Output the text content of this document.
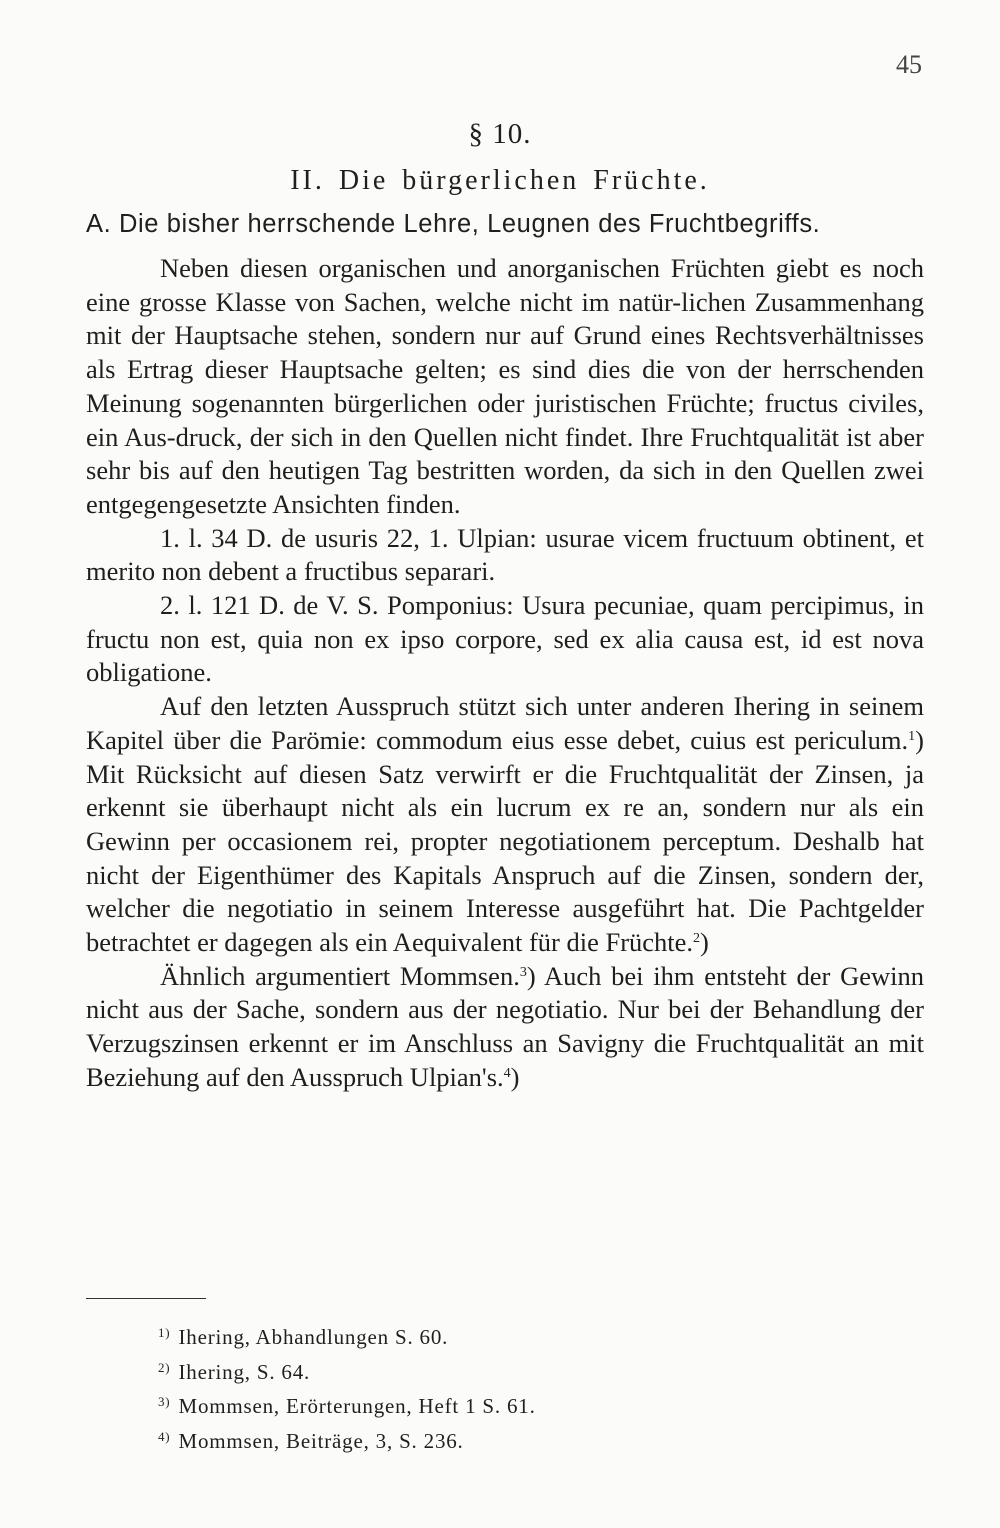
45
§ 10.
II. Die bürgerlichen Früchte.
A. Die bisher herrschende Lehre, Leugnen des Fruchtbegriffs.

Neben diesen organischen und anorganischen Früchten giebt es noch eine grosse Klasse von Sachen, welche nicht im natür-lichen Zusammenhang mit der Hauptsache stehen, sondern nur auf Grund eines Rechtsverhältnisses als Ertrag dieser Hauptsache gelten; es sind dies die von der herrschenden Meinung sogenannten bürgerlichen oder juristischen Früchte; fructus civiles, ein Aus-druck, der sich in den Quellen nicht findet. Ihre Fruchtqualität ist aber sehr bis auf den heutigen Tag bestritten worden, da sich in den Quellen zwei entgegengesetzte Ansichten finden.

1. l. 34 D. de usuris 22, 1. Ulpian: usurae vicem fructuum obtinent, et merito non debent a fructibus separari.

2. l. 121 D. de V. S. Pomponius: Usura pecuniae, quam percipimus, in fructu non est, quia non ex ipso corpore, sed ex alia causa est, id est nova obligatione.

Auf den letzten Ausspruch stützt sich unter anderen Ihering in seinem Kapitel über die Parömie: commodum eius esse debet, cuius est periculum.$^1$) Mit Rücksicht auf diesen Satz verwirft er die Fruchtqualität der Zinsen, ja erkennt sie überhaupt nicht als ein lucrum ex re an, sondern nur als ein Gewinn per occasionem rei, propter negotiationem perceptum. Deshalb hat nicht der Eigenthümer des Kapitals Anspruch auf die Zinsen, sondern der, welcher die negotiatio in seinem Interesse ausgeführt hat. Die Pachtgelder betrachtet er dagegen als ein Aequivalent für die Früchte.$^2$)

Ähnlich argumentiert Mommsen.$^3$) Auch bei ihm entsteht der Gewinn nicht aus der Sache, sondern aus der negotiatio. Nur bei der Behandlung der Verzugszinsen erkennt er im Anschluss an Savigny die Fruchtqualität an mit Beziehung auf den Ausspruch Ulpian's.$^4$)

$^{1)}$ Ihering, Abhandlungen S. 60.
$^{2)}$ Ihering, S. 64.
$^{3)}$ Mommsen, Erörterungen, Heft 1 S. 61.
$^{4)}$ Mommsen, Beiträge, 3, S. 236.
